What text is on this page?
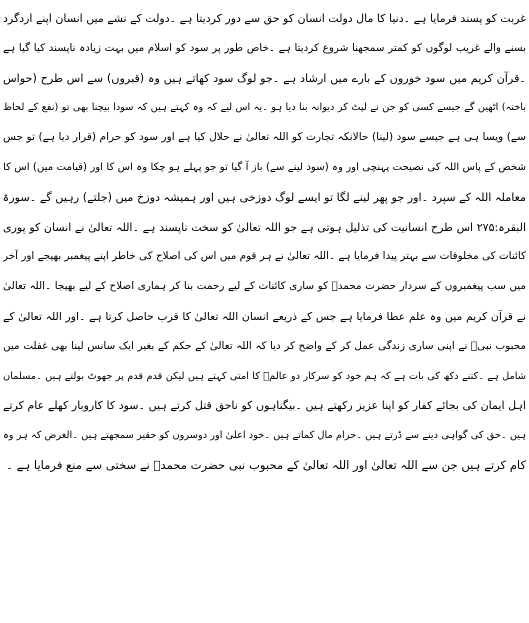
غربت کو پسند فرمایا ہے ۔دنیا کا مال دولت انسان کو حق سے دور کردیتا ہے ۔دولت کے نشے میں انسان اپنے اردگرد
بسنے والے غریب لوگوں کو کمتر سمجھنا شروع کردیتا ہے ۔خاص طور پر سود کو اسلام میں بہت زیادہ ناپسند کیا گیا ہے
۔قرآن کریم میں سود خوروں کے بارے میں ارشاد ہے ۔جو لوگ سود کھاتے ہیں وہ (قبروں) سے اس طرح (حواس
باختہ) اٹھیں گے جیسے کسی کو جن نے لپٹ کر دیوانہ بنا دیا ہو ۔یہ اس لیے کہ وہ کہتے ہیں کہ سودا بیچنا بھی تو (نفع کے لحاظ
سے) ویسا ہی ہے جیسے سود (لینا) حالانکہ تجارت کو اللہ تعالیٰ نے حلال کیا ہے اور سود کو حرام (قرار دیا ہے) تو جس
شخص کے پاس اللہ کی نصیحت پہنچی اور وہ (سود لینے سے) باز آ گیا تو جو پہلے ہو چکا وہ اس کا اور (قیامت میں) اس کا
معاملہ اللہ کے سپرد ۔اور جو پھر لینے لگا تو ایسے لوگ دوزخی ہیں اور ہمیشہ دوزخ میں (جلتے) رہیں گے ۔سورۃ
البقرہ:۲۷۵ اس طرح انسانیت کی تذلیل ہوتی ہے جو اللہ تعالیٰ کو سخت ناپسند ہے ۔اللہ تعالیٰ نے انسان کو پوری
کائنات کی مخلوقات سے بہتر پیدا فرمایا ہے ۔اللہ تعالیٰ نے ہر قوم میں اس کی اصلاح کی خاطر اپنے پیغمبر بھیجے اور آخر
میں سب پیغمبروں کے سردار حضرت محمدؐ کو ساری کائنات کے لیے رحمت بنا کر ہماری اصلاح کے لیے بھیجا ۔اللہ تعالیٰ
نے قرآن کریم میں وہ علم عطا فرمایا ہے جس کے ذریعے انسان اللہ تعالیٰ کا قرب حاصل کرتا ہے ۔اور اللہ تعالیٰ کے
محبوب نبیؐ نے اپنی ساری زندگی عمل کر کے واضح کر دیا کہ اللہ تعالیٰ کے حکم کے بغیر ایک سانس لینا بھی غفلت میں
شامل ہے ۔کتنے دکھ کی بات ہے کہ ہم خود کو سرکار دو عالمؐ کا امتی کہتے ہیں لیکن قدم قدم پر جھوٹ بولتے ہیں ۔مسلمان
اہل ایمان کی بجائے کفار کو اپنا عزیز رکھتے ہیں ۔بیگناہوں کو ناحق قتل کرتے ہیں ۔سود کا کاروبار کھلے عام کرتے
ہیں ۔حق کی گواہی دینے سے ڈرتے ہیں ۔حرام مال کماتے ہیں ۔خود اعلیٰ اور دوسروں کو حقیر سمجھتے ہیں ۔الغرض کہ ہر وہ
کام کرتے ہیں جن سے اللہ تعالیٰ اور اللہ تعالیٰ کے محبوب نبی حضرت محمدؐ نے سختی سے منع فرمایا ہے ۔
